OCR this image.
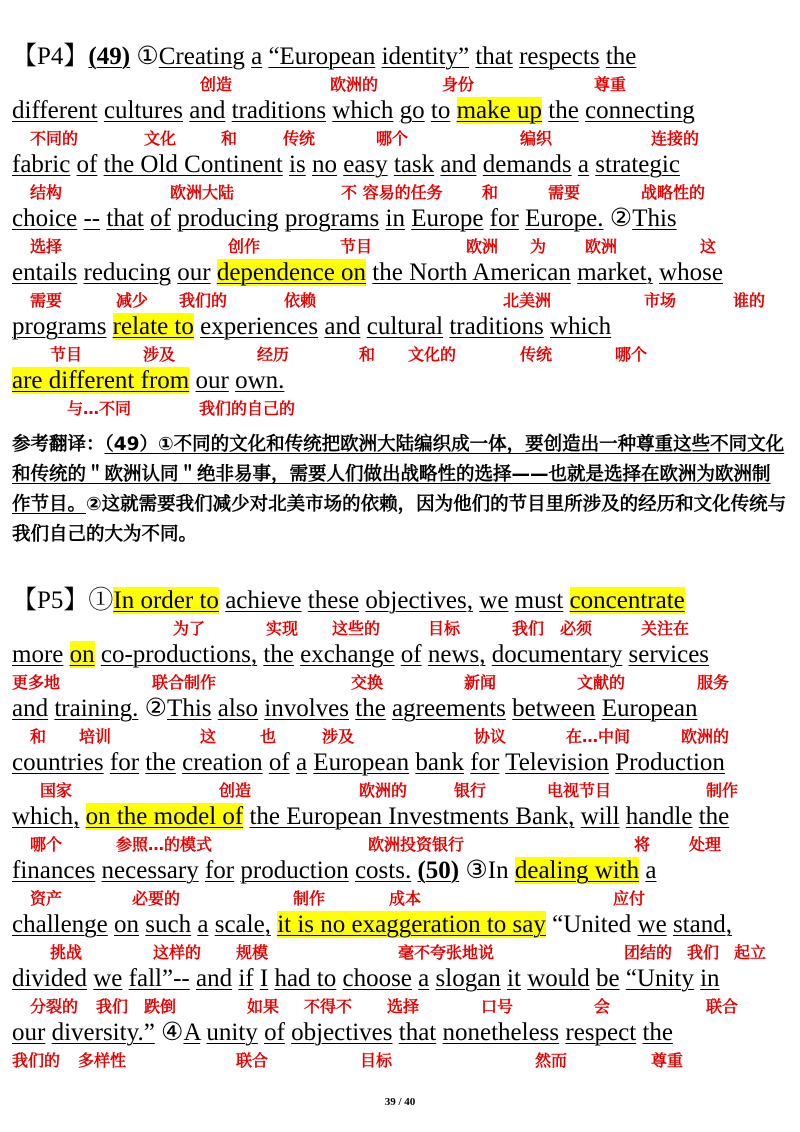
【P4】(49) ①Creating a “European identity” that respects the
创造	欧洲的	身份	尊重
different cultures and traditions which go to make up the connecting
不同的	文化	和	传统	哪个	编织	连接的
fabric of the Old Continent is no easy task and demands a strategic
结构	欧洲大陆	不 容易的任务 和	需要	战略性的
choice -- that of producing programs in Europe for Europe. ②This
选择	创作	节目	欧洲 为 欧洲	这
entails reducing our dependence on the North American market, whose
需要	减少 我们的	依赖	北美洲	市场	谁的
programs relate to experiences and cultural traditions which
节目	涉及	经历	和 文化的	传统	哪个
are different from our own.
与…不同	我们的自己的
参考翻译：（49）①不同的文化和传统把欧洲大陆编织成一体，要创造出一种尊重这些不同文化和传统的＂欧洲认同＂绝非易事，需要人们做出战略性的选择——也就是选择在欧洲为欧洲制作节目。②这就需要我们减少对北美市场的依赖，因为他们的节目里所涉及的经历和文化传统与我们自己的大为不同。
【P5】①In order to achieve these objectives, we must concentrate
为了	实现 这些的	目标	我们 必须	关注在
more on co-productions, the exchange of news, documentary services
更多地	联合制作	交换	新闻	文献的	服务
and training. ②This also involves the agreements between European
和 培训	这	也	涉及	协议	在…中间	欧洲的
countries for the creation of a European bank for Television Production
国家	创造	欧洲的	银行	电视节目	制作
which, on the model of the European Investments Bank, will handle the
哪个	参照…的模式	欧洲投资银行	将 处理
finances necessary for production costs. (50) ③In dealing with a
资产	必要的	制作	成本	应付
challenge on such a scale, it is no exaggeration to say “United we stand,
挑战	这样的 规模	毫不夸张地说	团结的 我们 起立
divided we fall”-- and if I had to choose a slogan it would be “Unity in
分裂的 我们 跌倒	如果 不得不 选择	口号	会	联合
our diversity.” ④A unity of objectives that nonetheless respect the
我们的 多样性	联合	目标	然而	尊重
39 / 40
